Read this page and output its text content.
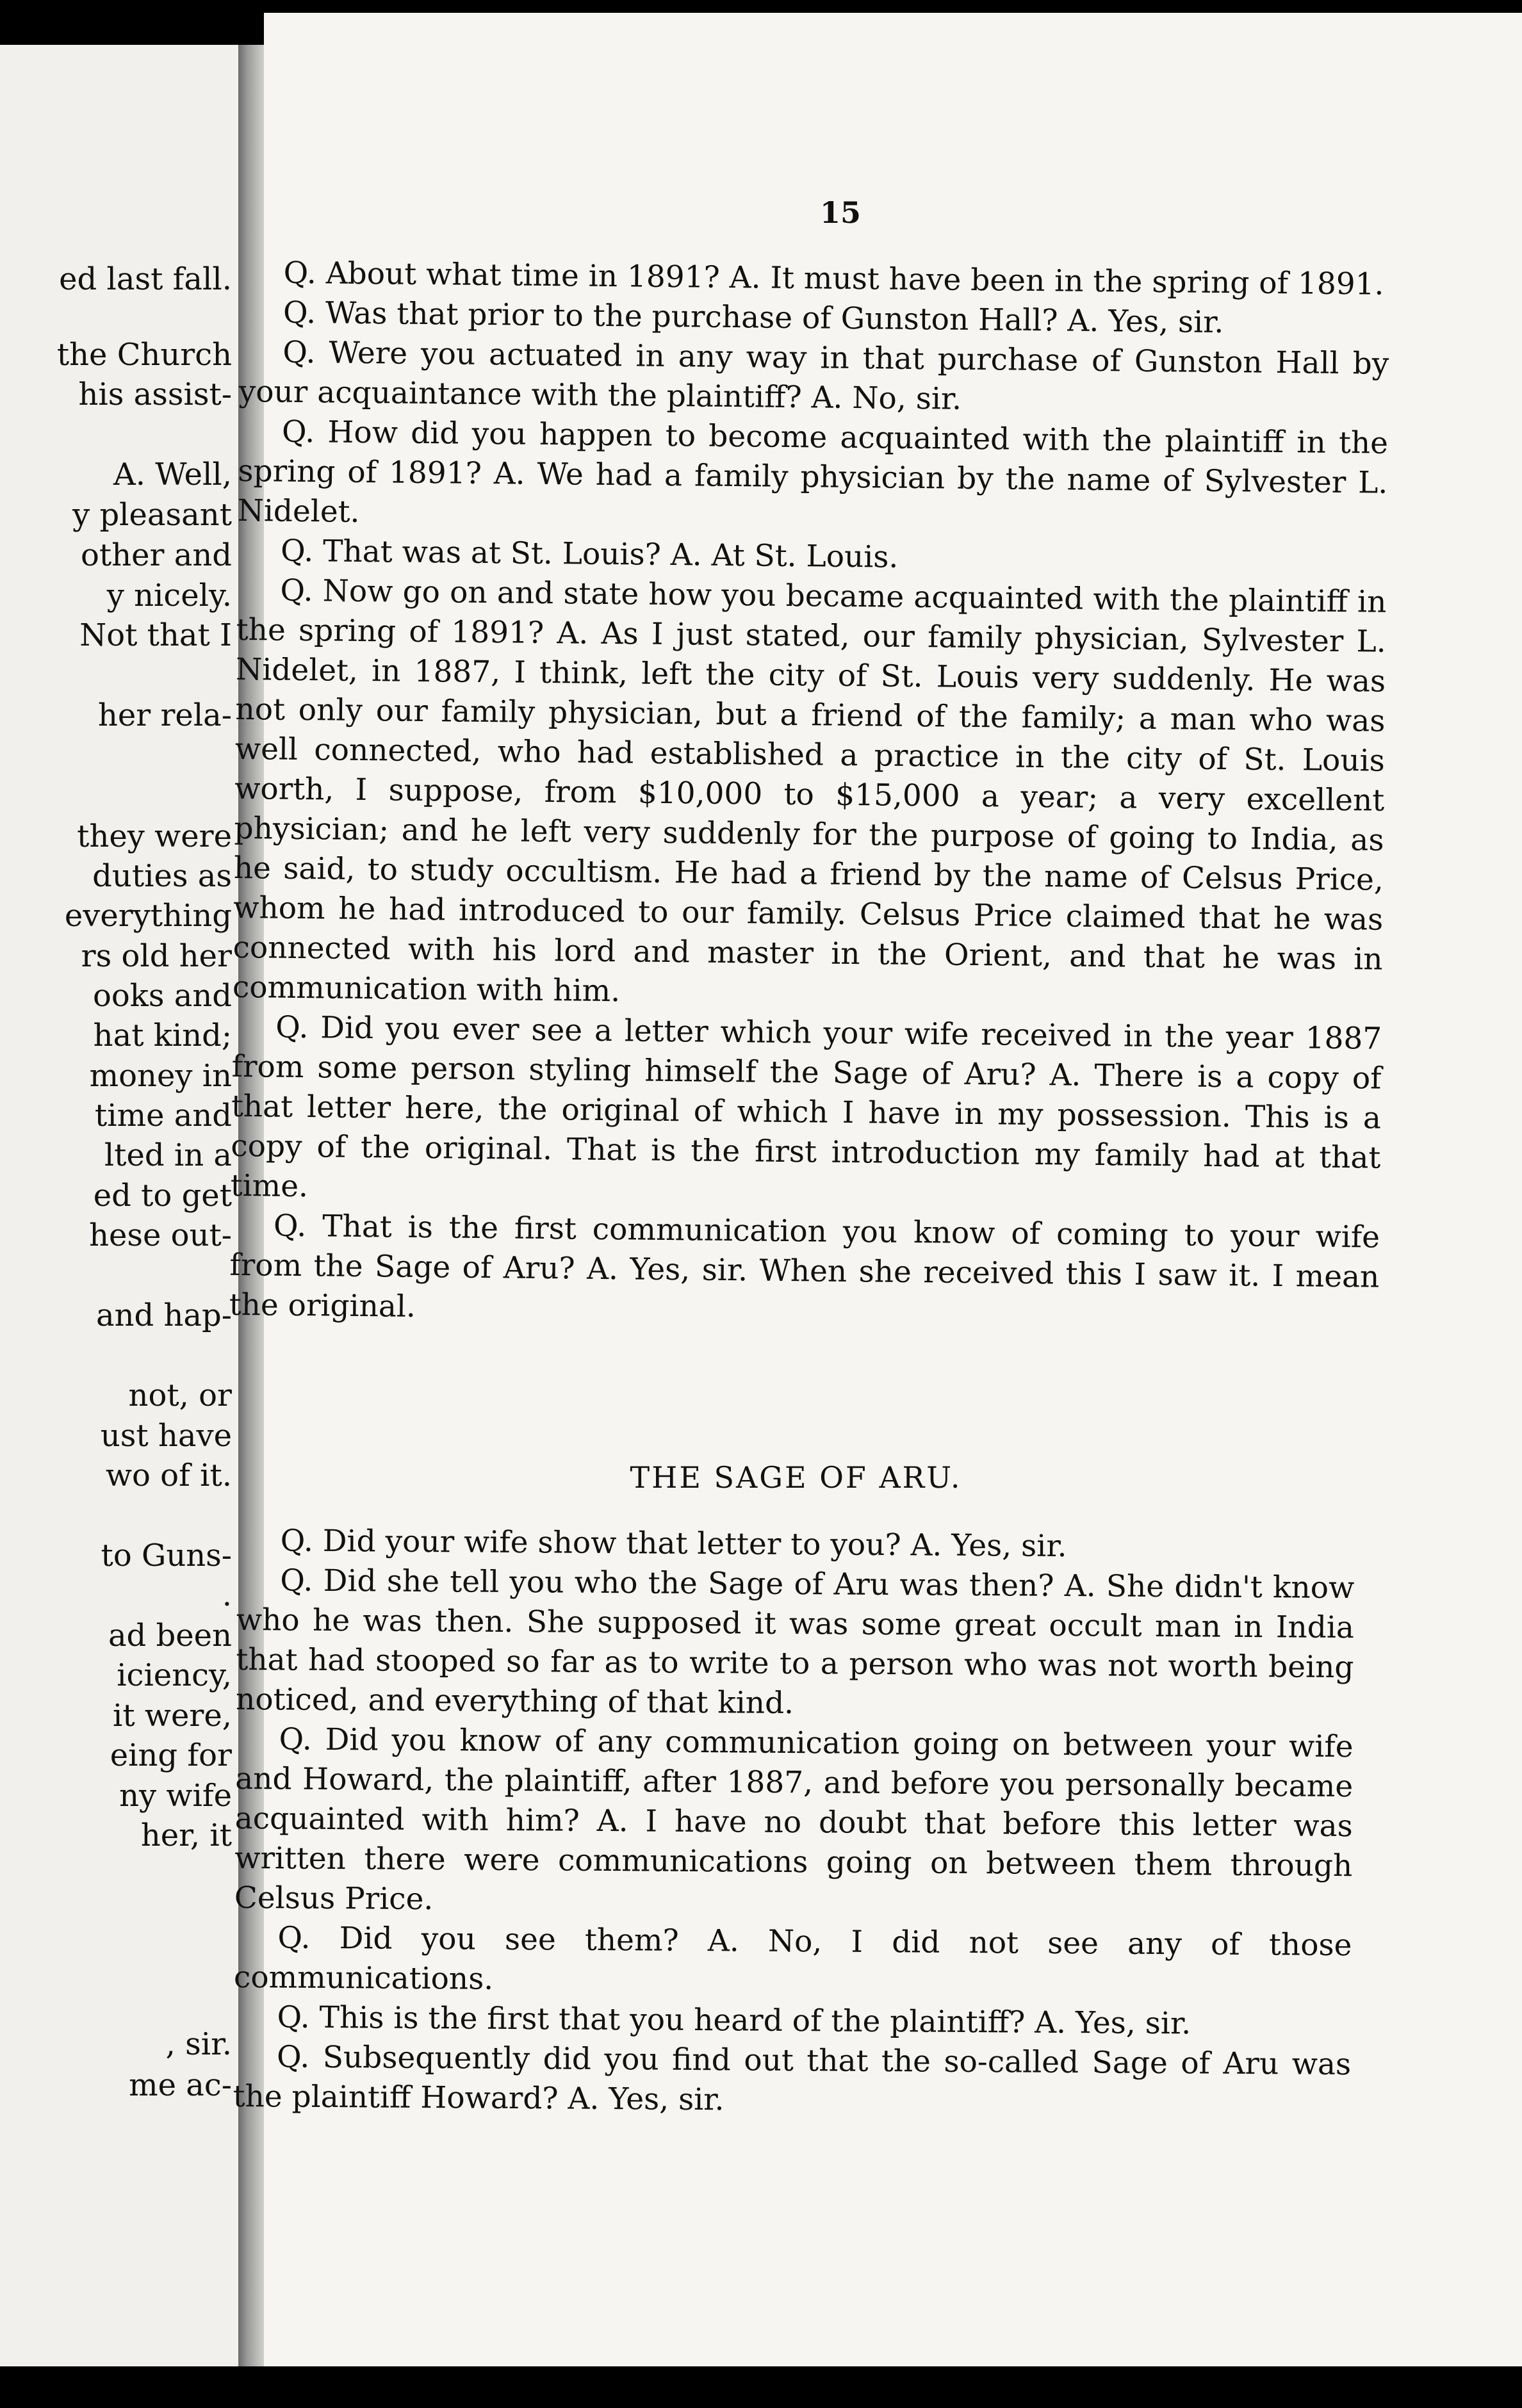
ed last fall.
the Church
his assist-
A. Well,
y pleasant
other and
y nicely.
Not that I
her rela-
they were
duties as
everything
rs old her
ooks and
hat kind;
money in
time and
lted in a
ed to get
hese out-
and hap-
not, or
ust have
wo of it.
to Guns-
.
ad been
iciency,
it were,
eing for
ny wife
her, it
, sir.
me ac-
15

Q. About what time in 1891? A. It must have been in the spring of 1891.

Q. Was that prior to the purchase of Gunston Hall? A. Yes, sir.

Q. Were you actuated in any way in that purchase of Gunston Hall by your acquaintance with the plaintiff? A. No, sir.

Q. How did you happen to become acquainted with the plaintiff in the spring of 1891? A. We had a family physician by the name of Sylvester L. Nidelet.

Q. That was at St. Louis? A. At St. Louis.

Q. Now go on and state how you became acquainted with the plaintiff in the spring of 1891? A. As I just stated, our family physician, Sylvester L. Nidelet, in 1887, I think, left the city of St. Louis very suddenly. He was not only our family physician, but a friend of the family; a man who was well connected, who had established a practice in the city of St. Louis worth, I suppose, from $10,000 to $15,000 a year; a very excellent physician; and he left very suddenly for the purpose of going to India, as he said, to study occultism. He had a friend by the name of Celsus Price, whom he had introduced to our family. Celsus Price claimed that he was connected with his lord and master in the Orient, and that he was in communication with him.

Q. Did you ever see a letter which your wife received in the year 1887 from some person styling himself the Sage of Aru? A. There is a copy of that letter here, the original of which I have in my possession. This is a copy of the original. That is the first introduction my family had at that time.

Q. That is the first communication you know of coming to your wife from the Sage of Aru? A. Yes, sir. When she received this I saw it. I mean the original.

THE SAGE OF ARU.

Q. Did your wife show that letter to you? A. Yes, sir.

Q. Did she tell you who the Sage of Aru was then? A. She didn't know who he was then. She supposed it was some great occult man in India that had stooped so far as to write to a person who was not worth being noticed, and everything of that kind.

Q. Did you know of any communication going on between your wife and Howard, the plaintiff, after 1887, and before you personally became acquainted with him? A. I have no doubt that before this letter was written there were communications going on between them through Celsus Price.

Q. Did you see them? A. No, I did not see any of those communications.

Q. This is the first that you heard of the plaintiff? A. Yes, sir.

Q. Subsequently did you find out that the so-called Sage of Aru was the plaintiff Howard? A. Yes, sir.
